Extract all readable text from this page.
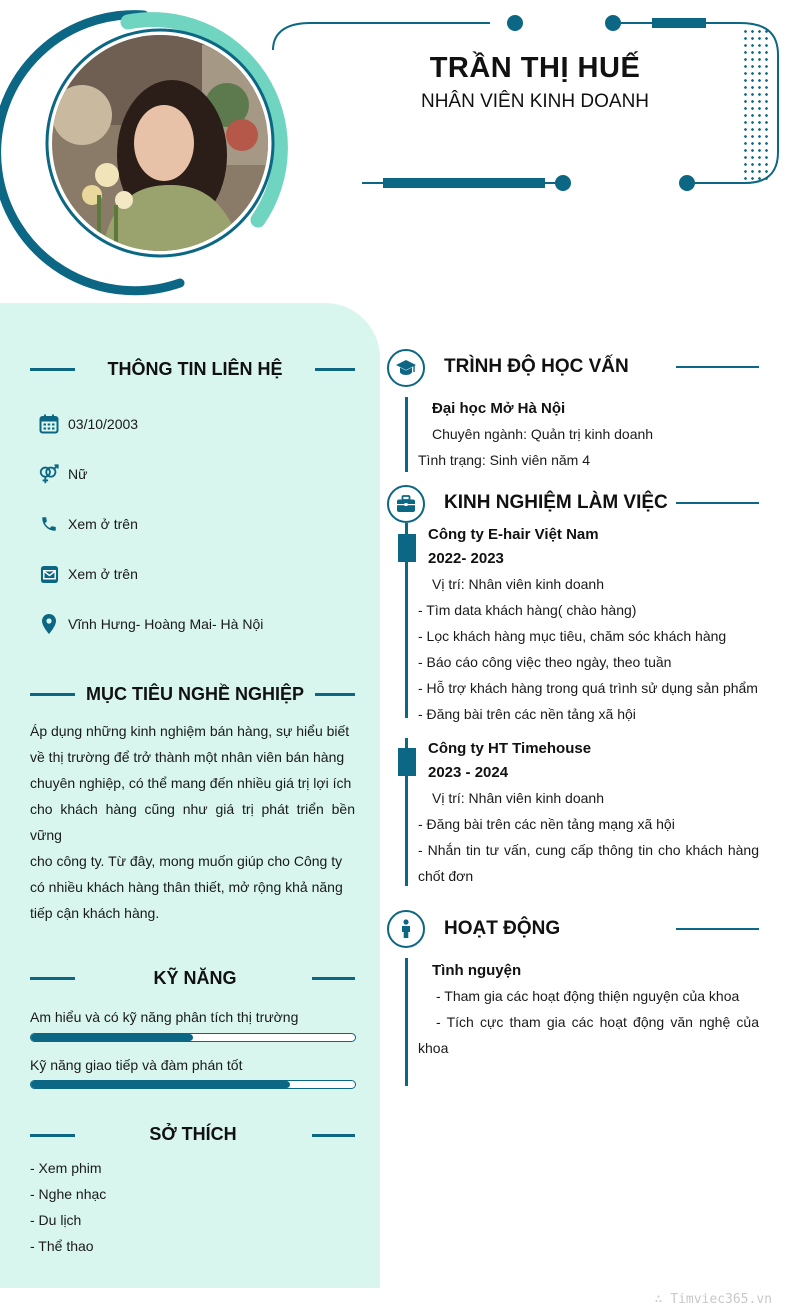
TRẦN THỊ HUẾ
NHÂN VIÊN KINH DOANH
THÔNG TIN LIÊN HỆ
03/10/2003
Nữ
Xem ở trên
Xem ở trên
Vĩnh Hưng- Hoàng Mai- Hà Nội
MỤC TIÊU NGHỀ NGHIỆP
Áp dụng những kinh nghiệm bán hàng, sự hiểu biết
về thị trường để trở thành một nhân viên bán hàng
chuyên nghiệp, có thể mang đến nhiều giá trị lợi ích
cho khách hàng cũng như giá trị phát triển bền vững
cho công ty. Từ đây, mong muốn giúp cho Công ty
có nhiều khách hàng thân thiết, mở rộng khả năng
tiếp cận khách hàng.
KỸ NĂNG
Am hiểu và có kỹ năng phân tích thị trường
Kỹ năng giao tiếp và đàm phán tốt
SỞ THÍCH
- Xem phim
- Nghe nhạc
- Du lịch
- Thể thao
TRÌNH ĐỘ HỌC VẤN
Đại học Mở Hà Nội
Chuyên ngành: Quản trị kinh doanh
Tình trạng: Sinh viên năm 4
KINH NGHIỆM LÀM VIỆC
Công ty E-hair Việt Nam
2022- 2023
Vị trí: Nhân viên kinh doanh
- Tìm data khách hàng( chào hàng)
- Lọc khách hàng mục tiêu, chăm sóc khách hàng
- Báo cáo công việc theo ngày, theo tuần
- Hỗ trợ khách hàng trong quá trình sử dụng sản phẩm
- Đăng bài trên các nền tảng xã hội
Công ty HT Timehouse
2023 - 2024
Vị trí: Nhân viên kinh doanh
- Đăng bài trên các nền tảng mạng xã hội
- Nhắn tin tư vấn, cung cấp thông tin cho khách hàng
chốt đơn
HOẠT ĐỘNG
Tình nguyện
- Tham gia các hoạt động thiện nguyện của khoa
- Tích cực tham gia các hoạt động văn nghệ của
khoa
∴ Timviec365.vn
